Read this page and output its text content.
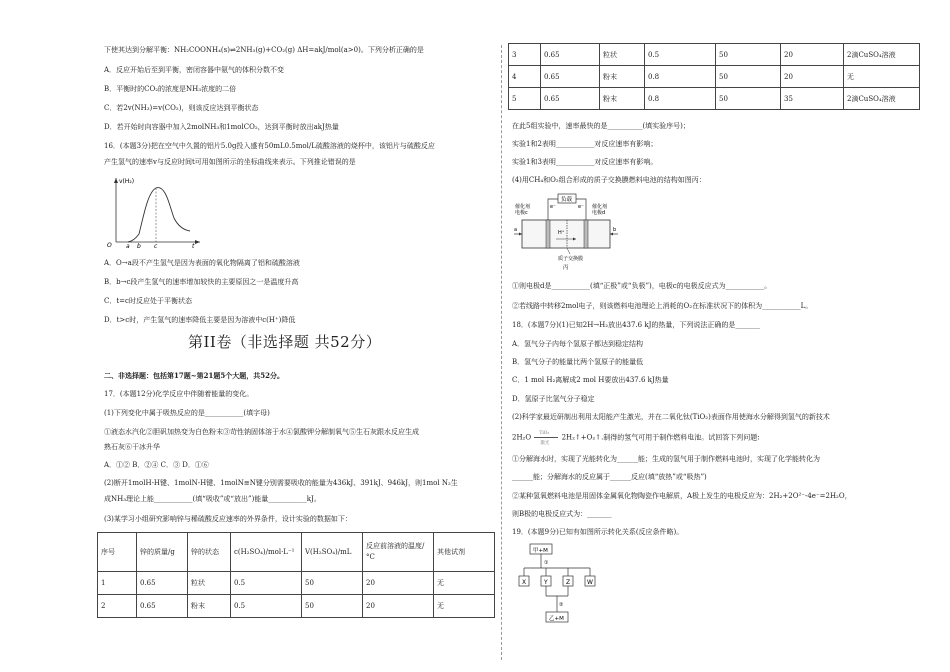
下使其达到分解平衡：NH₂COONH₄(s)⇌2NH₃(g)+CO₂(g) ΔH=akJ/mol(a>0)。下列分析正确的是
A．反应开始后至到平衡，密闭容器中氨气的体积分数不变
B．平衡时的CO₂的浓度是NH₃浓度的二倍
C．若2v(NH₃)=v(CO₂)，则该反应达到平衡状态
D．若开始时向容器中加入2molNH₃和1molCO₂，达到平衡时放出akJ热量
16．(本题3分)把在空气中久置的铝片5.0g投入盛有50mL0.5mol/L硫酸溶液的烧杯中，该铝片与硫酸反应
产生氢气的速率v与反应时间t可用如图所示的坐标曲线来表示。下列推论错误的是
v(H₂)
O a b c	t
A．O→a段不产生氢气是因为表面的氧化物隔离了铝和硫酸溶液
B．b→c段产生氢气的速率增加较快的主要原因之一是温度升高
C．t=c时反应处于平衡状态
D．t>c时，产生氢气的速率降低主要是因为溶液中c(H⁺)降低
第II卷（非选择题 共52分）
二、非选择题：包括第17题~第21题5个大题，共52分。
17．(本题12分)化学反应中伴随着能量的变化。
(1)下列变化中属于吸热反应的是___________(填字母)
①液态水汽化②胆矾加热变为白色粉末③苛性钠固体溶于水④氯酸钾分解制氧气⑤生石灰跟水反应生成
熟石灰⑥干冰升华
A．①② B．②④ C．③ D．①⑥
(2)断开1molH-H键、1molN-H键、1molN≡N键分别需要吸收的能量为436kJ、391kJ、946kJ，则1mol N₂生
成NH₃理论上能___________(填“吸收”或“放出”)能量___________kJ。
(3)某学习小组研究影响锌与稀硫酸反应速率的外界条件，设计实验的数据如下：
序号	锌的质量/g	锌的状态	c(H₂SO₄)/mol·L⁻¹	V(H₂SO₄)/mL	反应前溶液的温度/°C	其他试剂
1	0.65	粒状	0.5	50	20	无
2	0.65	粉末	0.5	50	20	无
3	0.65	粒状	0.5	50	20	2滴CuSO₄溶液
4	0.65	粉末	0.8	50	20	无
5	0.65	粉末	0.8	50	35	2滴CuSO₄溶液
在此5组实验中，速率最快的是__________(填实验序号)；
实验1和2表明___________对反应速率有影响；
实验1和3表明___________对反应速率有影响。
(4)用CH₄和O₂组合形成的质子交换膜燃料电池的结构如图丙：
负载
e⁻	e⁻
催化剂
电极c
催化剂
电极d
a	b
H⁺
质子交换膜
丙
①则电极d是___________(填“正极”或“负极”)，电极c的电极反应式为___________。
②若线路中转移2mol电子，则该燃料电池理论上消耗的O₂在标准状况下的体积为___________L。
18．(本题7分)(1)已知2H→H₂放出437.6 kJ的热量，下列说法正确的是_______
A．氢气分子内每个氢原子都达到稳定结构
B．氢气分子的能量比两个氢原子的能量低
C．1 mol H₂离解成2 mol H要放出437.6 kJ热量
D．氢原子比氢气分子稳定
(2)科学家最近研制出利用太阳能产生激光，并在二氧化钛(TiO₂)表面作用使海水分解得到氢气的新技术
2H₂O TiO₂
激光
2H₂↑+O₂↑.制得的氢气可用于制作燃料电池。试回答下列问题:
①分解海水时，实现了光能转化为______能；生成的氢气用于制作燃料电池时，实现了化学能转化为
______能；分解海水的反应属于______反应(填“放热”或“吸热”)
②某种氢氧燃料电池是用固体金属氧化物陶瓷作电解质，A极上发生的电极反应为：2H₂+2O²⁻-4e⁻=2H₂O，
则B极的电极反应式为：_______
19．(本题9分)已知有如图所示转化关系(反应条件略)。
甲+M
①
X	Y	Z	W
②
乙+M
